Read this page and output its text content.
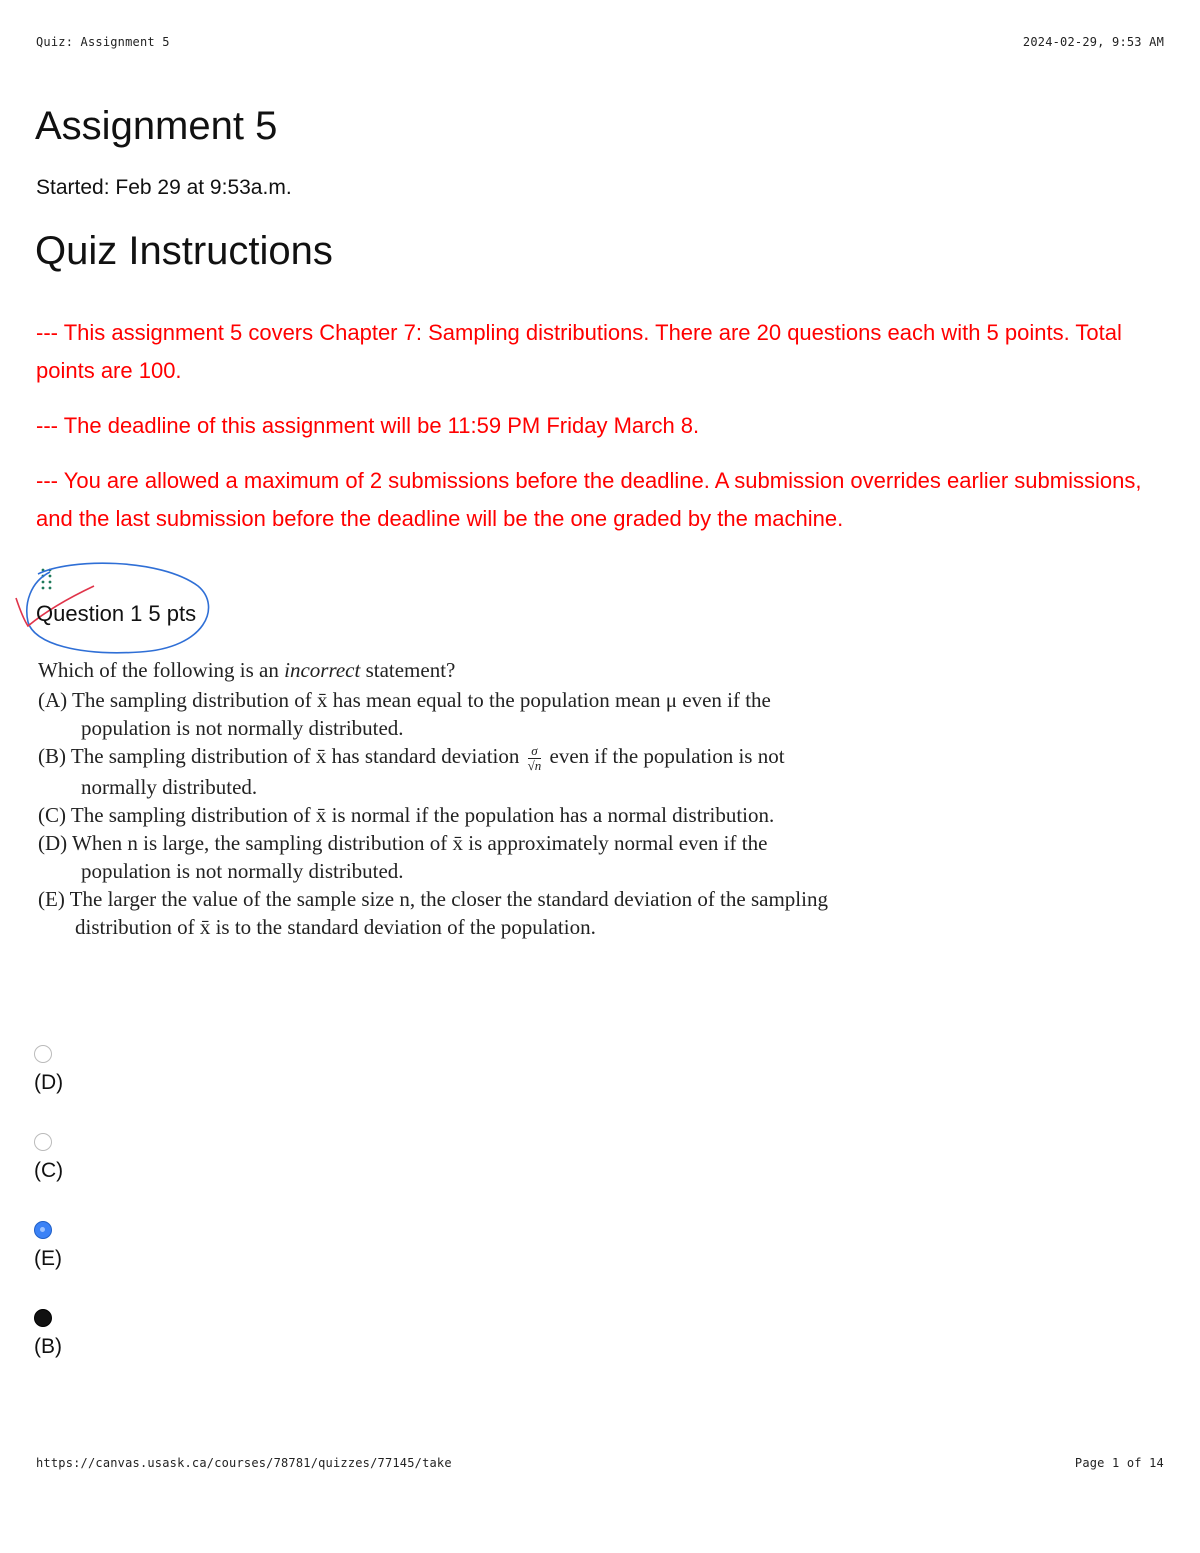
Quiz: Assignment 5	2024-02-29, 9:53 AM
Assignment 5
Started: Feb 29 at 9:53a.m.
Quiz Instructions

--- This assignment 5 covers Chapter 7: Sampling distributions. There are 20 questions each with 5 points. Total points are 100.

--- The deadline of this assignment will be 11:59 PM Friday March 8.

--- You are allowed a maximum of 2 submissions before the deadline. A submission overrides earlier submissions, and the last submission before the deadline will be the one graded by the machine.

Question 1 5 pts
Which of the following is an incorrect statement?
(A) The sampling distribution of x̄ has mean equal to the population mean μ even if the
population is not normally distributed.
(B) The sampling distribution of x̄ has standard deviation $\frac{\sigma}{√n}$ even if the population is not
normally distributed.
(C) The sampling distribution of x̄ is normal if the population has a normal distribution.
(D) When n is large, the sampling distribution of x̄ is approximately normal even if the
population is not normally distributed.
(E) The larger the value of the sample size n, the closer the standard deviation of the sampling
distribution of x̄ is to the standard deviation of the population.
(D)
(C)
(E)
(B)
https://canvas.usask.ca/courses/78781/quizzes/77145/take	Page 1 of 14
